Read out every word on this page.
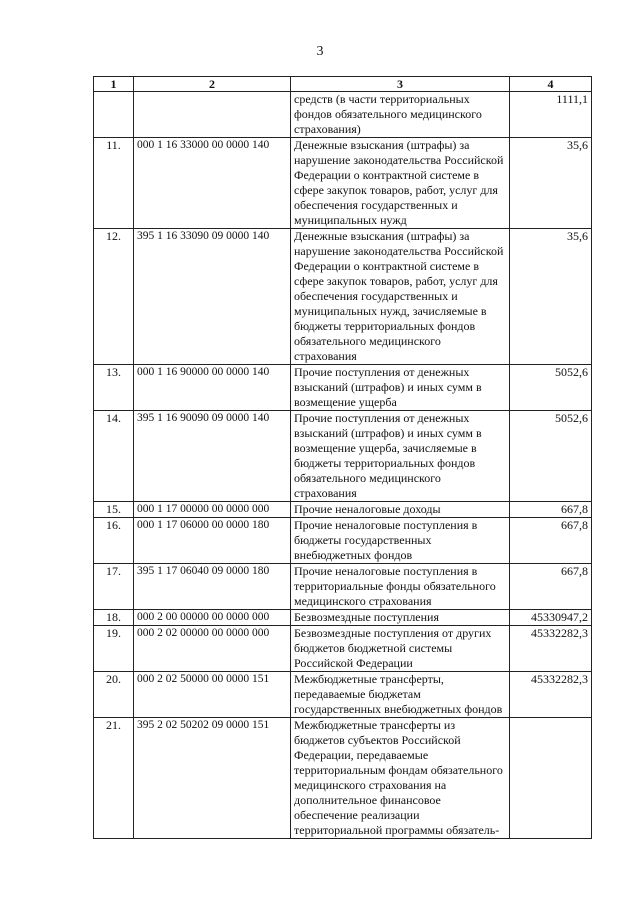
3
1	2	3	4
		средств (в части территориальных фондов обязательного медицинского страхования)	1111,1
11.	000 1 16 33000 00 0000 140	Денежные взыскания (штрафы) за нарушение законодательства Российской Федерации о контрактной системе в сфере закупок товаров, работ, услуг для обеспечения государственных и муниципальных нужд	35,6
12.	395 1 16 33090 09 0000 140	Денежные взыскания (штрафы) за нарушение законодательства Российской Федерации о контрактной системе в сфере закупок товаров, работ, услуг для обеспечения государственных и муниципальных нужд, зачисляемые в бюджеты территориальных фондов обязательного медицинского страхования	35,6
13.	000 1 16 90000 00 0000 140	Прочие поступления от денежных взысканий (штрафов) и иных сумм в возмещение ущерба	5052,6
14.	395 1 16 90090 09 0000 140	Прочие поступления от денежных взысканий (штрафов) и иных сумм в возмещение ущерба, зачисляемые в бюджеты территориальных фондов обязательного медицинского страхования	5052,6
15.	000 1 17 00000 00 0000 000	Прочие неналоговые доходы	667,8
16.	000 1 17 06000 00 0000 180	Прочие неналоговые поступления в бюджеты государственных внебюджетных фондов	667,8
17.	395 1 17 06040 09 0000 180	Прочие неналоговые поступления в территориальные фонды обязательного медицинского страхования	667,8
18.	000 2 00 00000 00 0000 000	Безвозмездные поступления	45330947,2
19.	000 2 02 00000 00 0000 000	Безвозмездные поступления от других бюджетов бюджетной системы Российской Федерации	45332282,3
20.	000 2 02 50000 00 0000 151	Межбюджетные трансферты, передаваемые бюджетам государственных внебюджетных фондов	45332282,3
21.	395 2 02 50202 09 0000 151	Межбюджетные трансферты из бюджетов субъектов Российской Федерации, передаваемые территориальным фондам обязательного медицинского страхования на дополнительное финансовое обеспечение реализации территориальной программы обязатель-	
